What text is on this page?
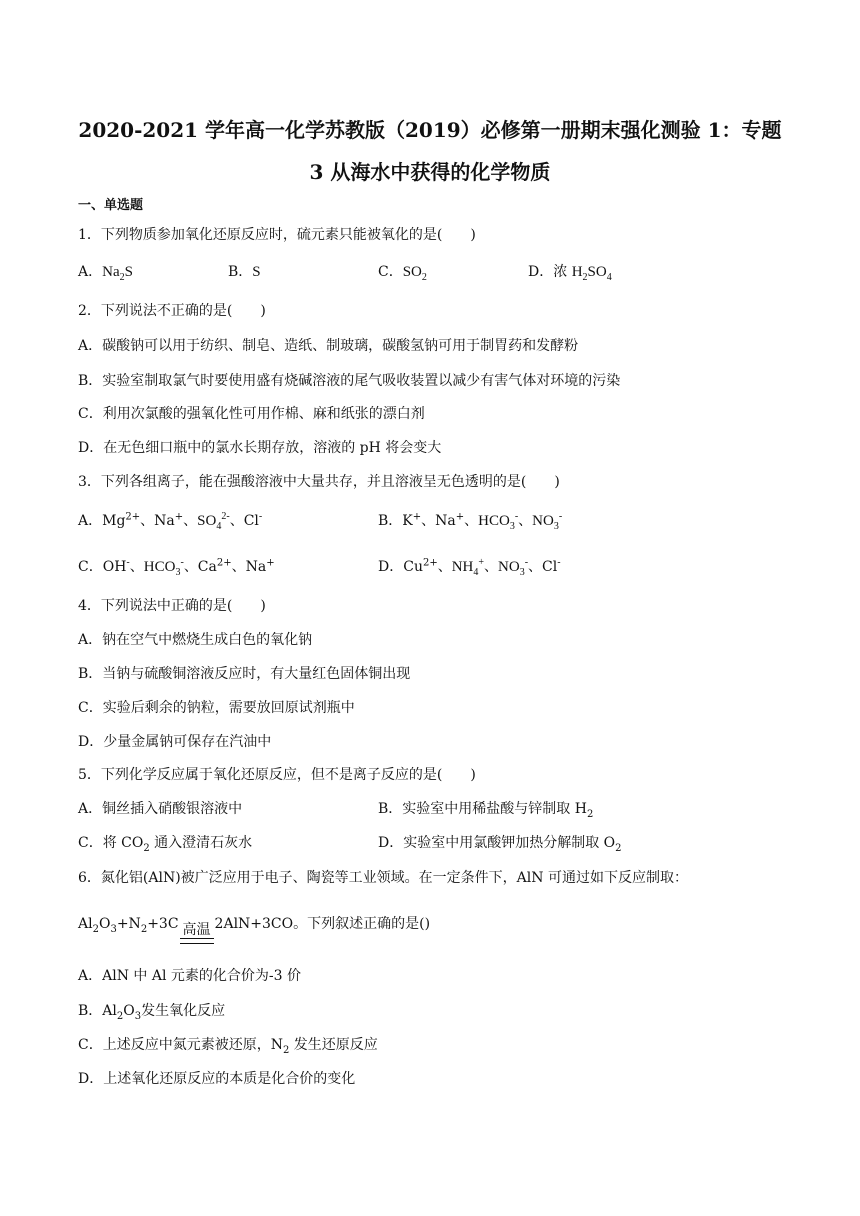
2020-2021 学年高一化学苏教版（2019）必修第一册期末强化测验 1：专题
3 从海水中获得的化学物质
一、单选题
1．下列物质参加氧化还原反应时，硫元素只能被氧化的是(　　)
A．$Na_2S$	B．S	C．$SO_2$	D．浓 $H_2SO_4$
2．下列说法不正确的是(　　)
A．碳酸钠可以用于纺织、制皂、造纸、制玻璃，碳酸氢钠可用于制胃药和发酵粉
B．实验室制取氯气时要使用盛有烧碱溶液的尾气吸收装置以减少有害气体对环境的污染
C．利用次氯酸的强氧化性可用作棉、麻和纸张的漂白剂
D．在无色细口瓶中的氯水长期存放，溶液的 pH 将会变大
3．下列各组离子，能在强酸溶液中大量共存，并且溶液呈无色透明的是(　　)
A．$Mg^{2+}$、Na+、$SO_4^{2-}$、Cl-	B．K+、Na+、$HCO_3^-$、$NO_3^-$
C．OH-、$HCO_3^-$、$Ca^{2+}$、Na+	D．$Cu^{2+}$、$NH_4^+$、$NO_3^-$、Cl-
4．下列说法中正确的是(　　)
A．钠在空气中燃烧生成白色的氧化钠
B．当钠与硫酸铜溶液反应时，有大量红色固体铜出现
C．实验后剩余的钠粒，需要放回原试剂瓶中
D．少量金属钠可保存在汽油中
5．下列化学反应属于氧化还原反应，但不是离子反应的是(　　)
A．铜丝插入硝酸银溶液中	B．实验室中用稀盐酸与锌制取 $H_2$
C．将 $CO_2$ 通入澄清石灰水	D．实验室中用氯酸钾加热分解制取 $O_2$
6．氮化铝(AlN)被广泛应用于电子、陶瓷等工业领域。在一定条件下，AlN 可通过如下反应制取：
$Al_2O_3+N_2+3C$ 高温 2AlN+3CO。下列叙述正确的是()
A．AlN 中 Al 元素的化合价为-3 价
B．$Al_2O_3$发生氧化反应
C．上述反应中氮元素被还原，$N_2$ 发生还原反应
D．上述氧化还原反应的本质是化合价的变化
